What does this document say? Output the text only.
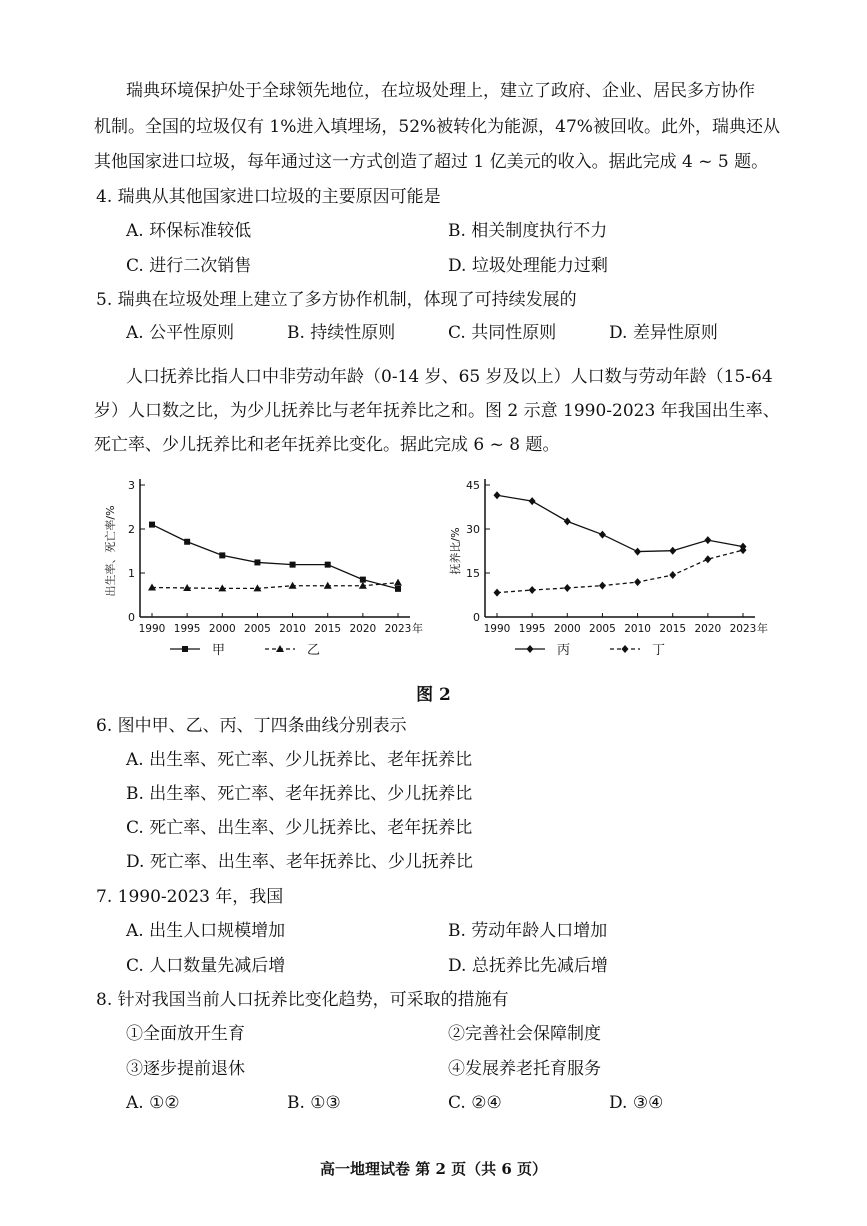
瑞典环境保护处于全球领先地位，在垃圾处理上，建立了政府、企业、居民多方协作
机制。全国的垃圾仅有 1%进入填埋场，52%被转化为能源，47%被回收。此外，瑞典还从
其他国家进口垃圾，每年通过这一方式创造了超过 1 亿美元的收入。据此完成 4 ~ 5 题。
4. 瑞典从其他国家进口垃圾的主要原因可能是
A. 环保标准较低	B. 相关制度执行不力
C. 进行二次销售	D. 垃圾处理能力过剩
5. 瑞典在垃圾处理上建立了多方协作机制，体现了可持续发展的
A. 公平性原则	B. 持续性原则	C. 共同性原则	D. 差异性原则
人口抚养比指人口中非劳动年龄（0-14 岁、65 岁及以上）人口数与劳动年龄（15-64
岁）人口数之比，为少儿抚养比与老年抚养比之和。图 2 示意 1990-2023 年我国出生率、
死亡率、少儿抚养比和老年抚养比变化。据此完成 6 ~ 8 题。
0
1
2
3
出生率、死亡率/%
1990 1995 2000 2005 2010 2015 2020 2023 年
甲	乙
0
15
30
45
抚养比/%
1990 1995 2000 2005 2010 2015 2020 2023 年
丙	丁
图 2
6. 图中甲、乙、丙、丁四条曲线分别表示
A. 出生率、死亡率、少儿抚养比、老年抚养比
B. 出生率、死亡率、老年抚养比、少儿抚养比
C. 死亡率、出生率、少儿抚养比、老年抚养比
D. 死亡率、出生率、老年抚养比、少儿抚养比
7. 1990-2023 年，我国
A. 出生人口规模增加	B. 劳动年龄人口增加
C. 人口数量先减后增	D. 总抚养比先减后增
8. 针对我国当前人口抚养比变化趋势，可采取的措施有
①全面放开生育	②完善社会保障制度
③逐步提前退休	④发展养老托育服务
A. ①②	B. ①③	C. ②④	D. ③④
高一地理试卷 第 2 页（共 6 页）
